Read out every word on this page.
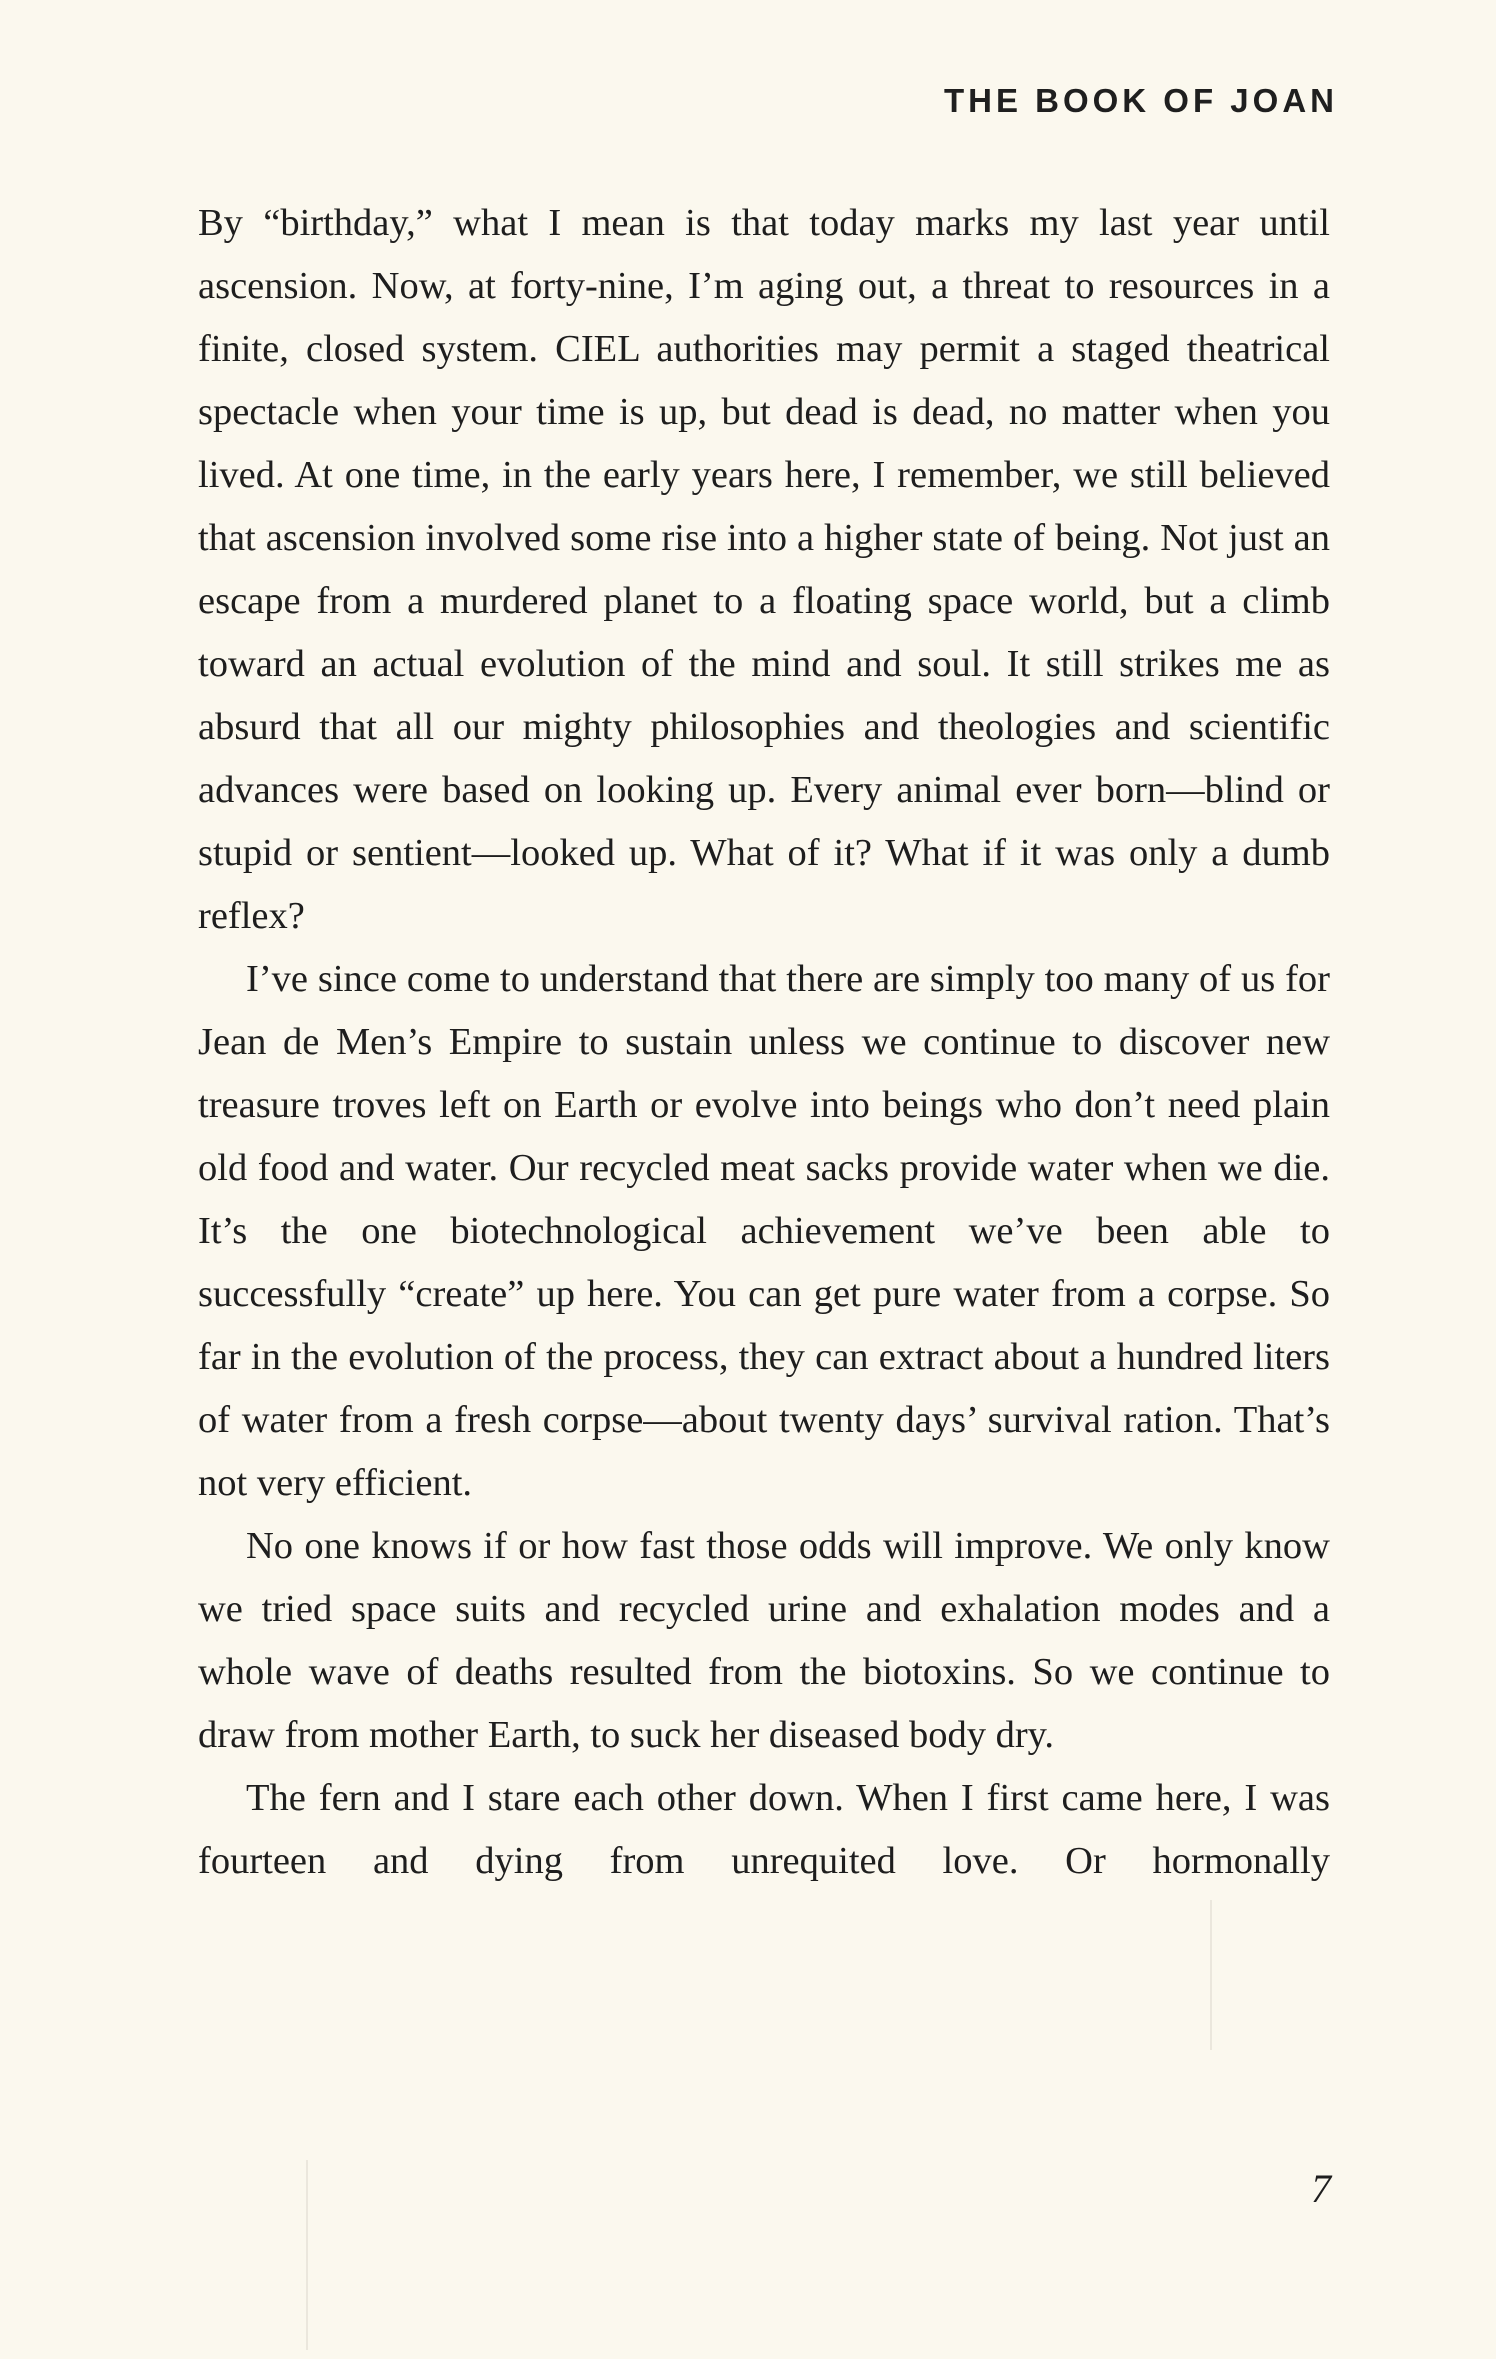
THE BOOK OF JOAN

By “birthday,” what I mean is that today marks my last year until ascension. Now, at forty-nine, I’m aging out, a threat to resources in a finite, closed system. CIEL authorities may permit a staged theatrical spectacle when your time is up, but dead is dead, no matter when you lived. At one time, in the early years here, I remember, we still believed that ascension involved some rise into a higher state of being. Not just an escape from a murdered planet to a floating space world, but a climb toward an actual evolution of the mind and soul. It still strikes me as absurd that all our mighty philosophies and theologies and scientific advances were based on looking up. Every animal ever born—blind or stupid or sentient—looked up. What of it? What if it was only a dumb reflex?

I’ve since come to understand that there are simply too many of us for Jean de Men’s Empire to sustain unless we continue to discover new treasure troves left on Earth or evolve into beings who don’t need plain old food and water. Our recycled meat sacks provide water when we die. It’s the one biotechnological achievement we’ve been able to successfully “create” up here. You can get pure water from a corpse. So far in the evolution of the process, they can extract about a hundred liters of water from a fresh corpse—about twenty days’ survival ration. That’s not very efficient.

No one knows if or how fast those odds will improve. We only know we tried space suits and recycled urine and exhalation modes and a whole wave of deaths resulted from the biotoxins. So we continue to draw from mother Earth, to suck her diseased body dry.

The fern and I stare each other down. When I first came here, I was fourteen and dying from unrequited love. Or hormonally

7
